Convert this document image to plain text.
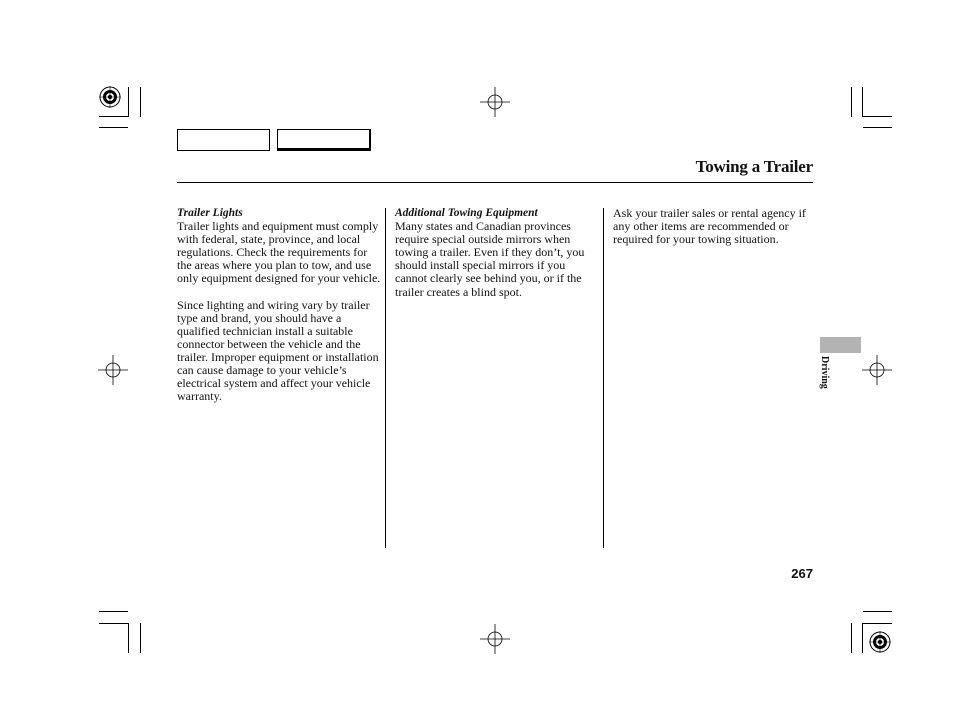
Towing a Trailer
Trailer Lights

Trailer lights and equipment must comply with federal, state, province, and local regulations. Check the requirements for the areas where you plan to tow, and use only equipment designed for your vehicle.

Since lighting and wiring vary by trailer type and brand, you should have a qualified technician install a suitable connector between the vehicle and the trailer. Improper equipment or installation can cause damage to your vehicle’s electrical system and affect your vehicle warranty.

Additional Towing Equipment

Many states and Canadian provinces require special outside mirrors when towing a trailer. Even if they don’t, you should install special mirrors if you cannot clearly see behind you, or if the trailer creates a blind spot.

Ask your trailer sales or rental agency if any other items are recommended or required for your towing situation.

Driving
267
